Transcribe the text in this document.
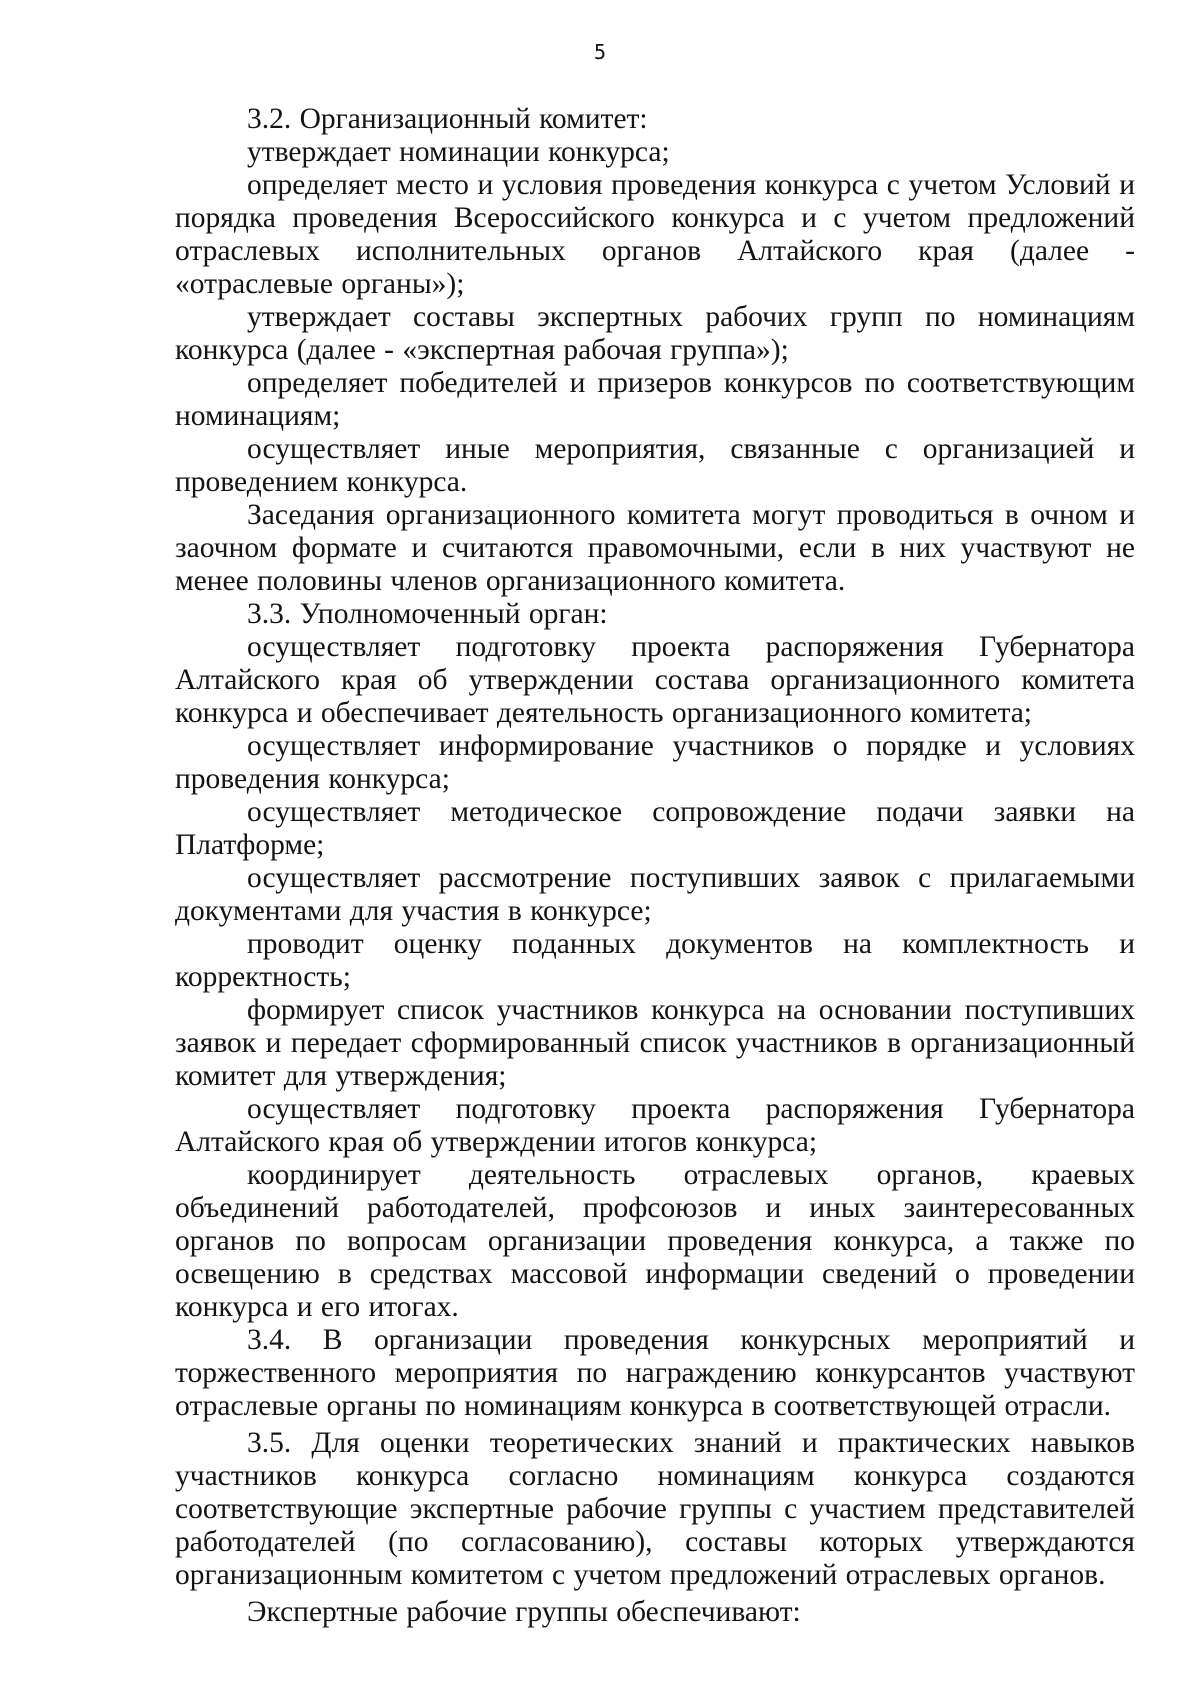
5

3.2. Организационный комитет:

утверждает номинации конкурса;

определяет место и условия проведения конкурса с учетом Условий и порядка проведения Всероссийского конкурса и с учетом предложений отраслевых исполнительных органов Алтайского края (далее - «отраслевые органы»);

утверждает составы экспертных рабочих групп по номинациям конкурса (далее - «экспертная рабочая группа»);

определяет победителей и призеров конкурсов по соответствующим номинациям;

осуществляет иные мероприятия, связанные с организацией и проведением конкурса.

Заседания организационного комитета могут проводиться в очном и заочном формате и считаются правомочными, если в них участвуют не менее половины членов организационного комитета.

3.3. Уполномоченный орган:

осуществляет подготовку проекта распоряжения Губернатора Алтайского края об утверждении состава организационного комитета конкурса и обеспечивает деятельность организационного комитета;

осуществляет информирование участников о порядке и условиях проведения конкурса;

осуществляет методическое сопровождение подачи заявки на Платформе;

осуществляет рассмотрение поступивших заявок с прилагаемыми документами для участия в конкурсе;

проводит оценку поданных документов на комплектность и корректность;

формирует список участников конкурса на основании поступивших заявок и передает сформированный список участников в организационный комитет для утверждения;

осуществляет подготовку проекта распоряжения Губернатора Алтайского края об утверждении итогов конкурса;

координирует деятельность отраслевых органов, краевых объединений работодателей, профсоюзов и иных заинтересованных органов по вопросам организации проведения конкурса, а также по освещению в средствах массовой информации сведений о проведении конкурса и его итогах.

3.4. В организации проведения конкурсных мероприятий и торжественного мероприятия по награждению конкурсантов участвуют отраслевые органы по номинациям конкурса в соответствующей отрасли.

3.5. Для оценки теоретических знаний и практических навыков участников конкурса согласно номинациям конкурса создаются соответствующие экспертные рабочие группы с участием представителей работодателей (по согласованию), составы которых утверждаются организационным комитетом с учетом предложений отраслевых органов.

Экспертные рабочие группы обеспечивают:
